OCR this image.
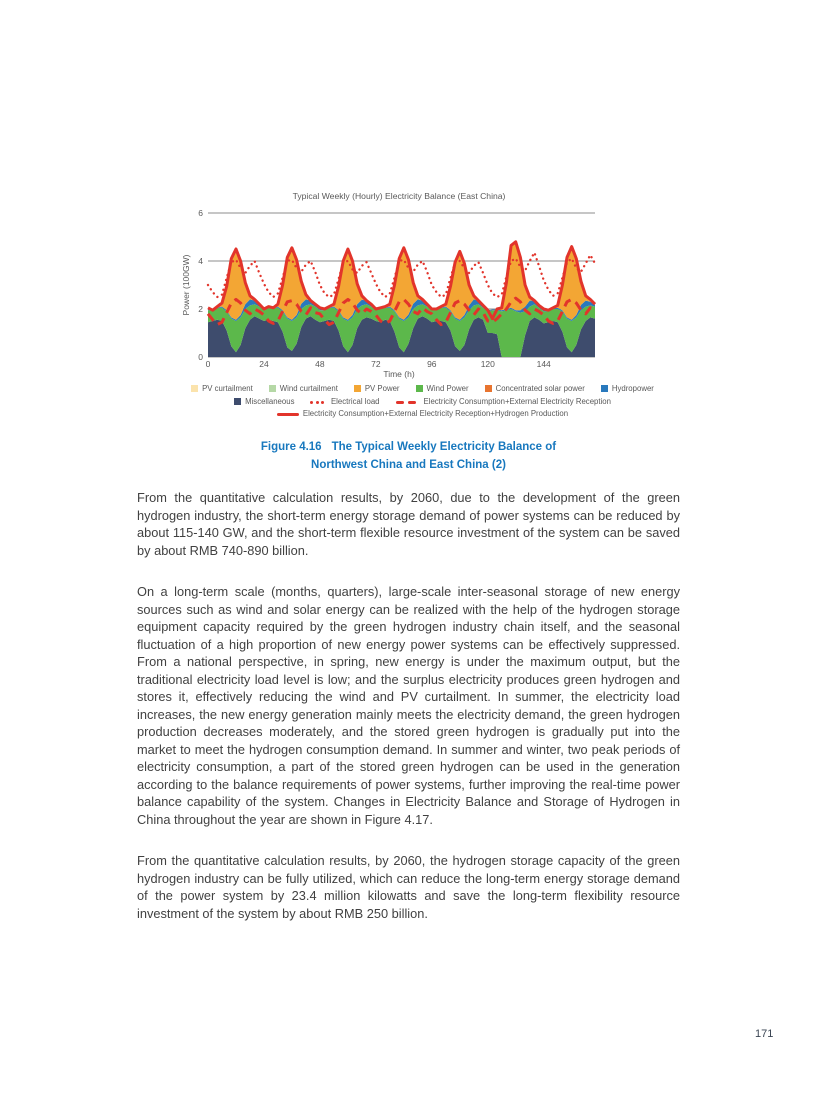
Typical Weekly (Hourly) Electricity Balance (East China)
0
2
4
6
0	24	48	72	96	120	144
Power (100GW)
Time (h)
PV curtailment	Wind curtailment	PV Power	Wind Power	Concentrated solar power	Hydropower
Miscellaneous	Electrical load	Electricity Consumption+External Electricity Reception
Electricity Consumption+External Electricity Reception+Hydrogen Production
Figure 4.16 The Typical Weekly Electricity Balance of
Northwest China and East China (2)

From the quantitative calculation results, by 2060, due to the development of the green hydrogen industry, the short-term energy storage demand of power systems can be reduced by about 115-140 GW, and the short-term flexible resource investment of the system can be saved by about RMB 740-890 billion.

On a long-term scale (months, quarters), large-scale inter-seasonal storage of new energy sources such as wind and solar energy can be realized with the help of the hydrogen storage equipment capacity required by the green hydrogen industry chain itself, and the seasonal fluctuation of a high proportion of new energy power systems can be effectively suppressed. From a national perspective, in spring, new energy is under the maximum output, but the traditional electricity load level is low; and the surplus electricity produces green hydrogen and stores it, effectively reducing the wind and PV curtailment. In summer, the electricity load increases, the new energy generation mainly meets the electricity demand, the green hydrogen production decreases moderately, and the stored green hydrogen is gradually put into the market to meet the hydrogen consumption demand. In summer and winter, two peak periods of electricity consumption, a part of the stored green hydrogen can be used in the generation according to the balance requirements of power systems, further improving the real-time power balance capability of the system. Changes in Electricity Balance and Storage of Hydrogen in China throughout the year are shown in Figure 4.17.

From the quantitative calculation results, by 2060, the hydrogen storage capacity of the green hydrogen industry can be fully utilized, which can reduce the long-term energy storage demand of the power system by 23.4 million kilowatts and save the long-term flexibility resource investment of the system by about RMB 250 billion.

171
